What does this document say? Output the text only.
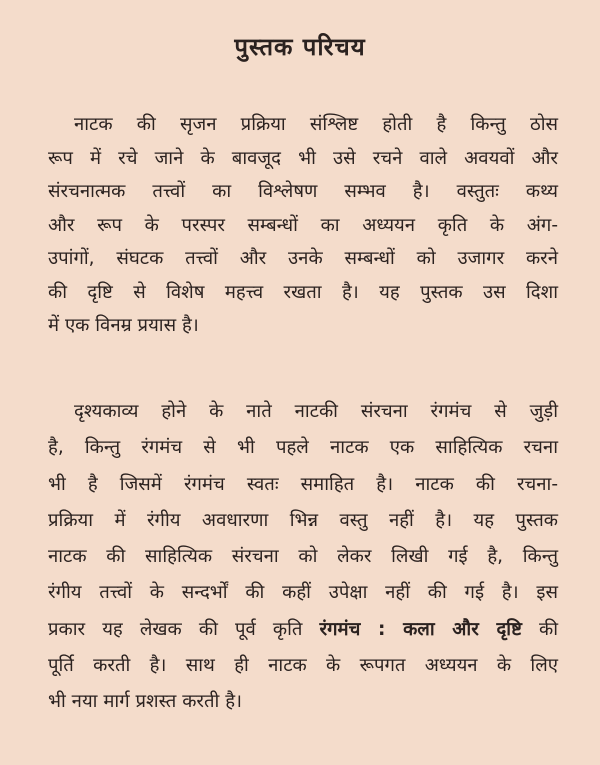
पुस्तक परिचय
नाटक की सृजन प्रक्रिया संश्लिष्ट होती है किन्तु ठोस
रूप में रचे जाने के बावजूद भी उसे रचने वाले अवयवों और
संरचनात्मक तत्त्वों का विश्लेषण सम्भव है। वस्तुतः कथ्य
और रूप के परस्पर सम्बन्धों का अध्ययन कृति के अंग-
उपांगों, संघटक तत्त्वों और उनके सम्बन्धों को उजागर करने
की दृष्टि से विशेष महत्त्व रखता है। यह पुस्तक उस दिशा
में एक विनम्र प्रयास है।
दृश्यकाव्य होने के नाते नाटकी संरचना रंगमंच से जुड़ी
है, किन्तु रंगमंच से भी पहले नाटक एक साहित्यिक रचना
भी है जिसमें रंगमंच स्वतः समाहित है। नाटक की रचना-
प्रक्रिया में रंगीय अवधारणा भिन्न वस्तु नहीं है। यह पुस्तक
नाटक की साहित्यिक संरचना को लेकर लिखी गई है, किन्तु
रंगीय तत्त्वों के सन्दर्भों की कहीं उपेक्षा नहीं की गई है। इस
प्रकार यह लेखक की पूर्व कृति रंगमंच : कला और दृष्टि की
पूर्ति करती है। साथ ही नाटक के रूपगत अध्ययन के लिए
भी नया मार्ग प्रशस्त करती है।
